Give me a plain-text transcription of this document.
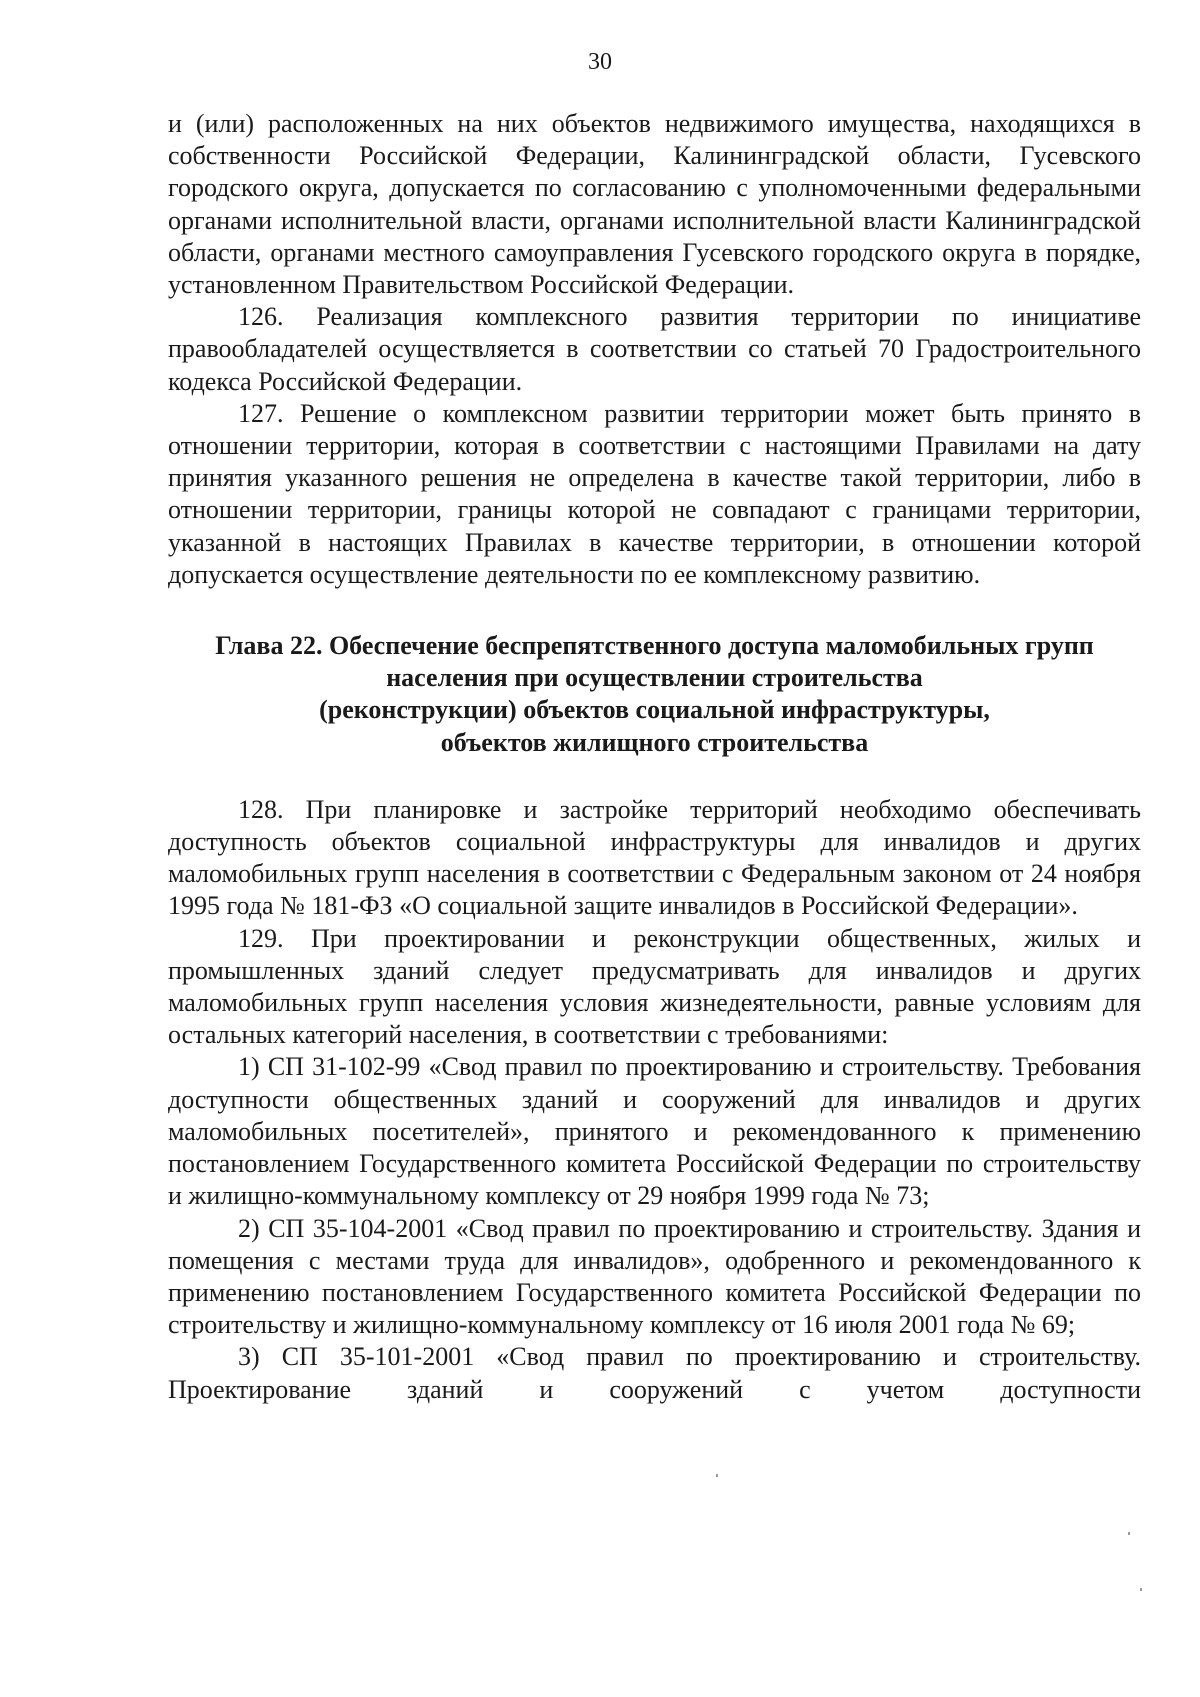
30

и (или) расположенных на них объектов недвижимого имущества, находящихся в собственности Российской Федерации, Калининградской области, Гусевского городского округа, допускается по согласованию с уполномоченными федеральными органами исполнительной власти, органами исполнительной власти Калининградской области, органами местного самоуправления Гусевского городского округа в порядке, установленном Правительством Российской Федерации.

126. Реализация комплексного развития территории по инициативе правообладателей осуществляется в соответствии со статьей 70 Градостроительного кодекса Российской Федерации.

127. Решение о комплексном развитии территории может быть принято в отношении территории, которая в соответствии с настоящими Правилами на дату принятия указанного решения не определена в качестве такой территории, либо в отношении территории, границы которой не совпадают с границами территории, указанной в настоящих Правилах в качестве территории, в отношении которой допускается осуществление деятельности по ее комплексному развитию.

Глава 22. Обеспечение беспрепятственного доступа маломобильных групп
населения при осуществлении строительства
(реконструкции) объектов социальной инфраструктуры,
объектов жилищного строительства

128. При планировке и застройке территорий необходимо обеспечивать доступность объектов социальной инфраструктуры для инвалидов и других маломобильных групп населения в соответствии с Федеральным законом от 24 ноября 1995 года № 181-ФЗ «О социальной защите инвалидов в Российской Федерации».

129. При проектировании и реконструкции общественных, жилых и промышленных зданий следует предусматривать для инвалидов и других маломобильных групп населения условия жизнедеятельности, равные условиям для остальных категорий населения, в соответствии с требованиями:

1) СП 31-102-99 «Свод правил по проектированию и строительству. Требования доступности общественных зданий и сооружений для инвалидов и других маломобильных посетителей», принятого и рекомендованного к применению постановлением Государственного комитета Российской Федерации по строительству и жилищно-коммунальному комплексу от 29 ноября 1999 года № 73;

2) СП 35-104-2001 «Свод правил по проектированию и строительству. Здания и помещения с местами труда для инвалидов», одобренного и рекомендованного к применению постановлением Государственного комитета Российской Федерации по строительству и жилищно-коммунальному комплексу от 16 июля 2001 года № 69;

3) СП 35-101-2001 «Свод правил по проектированию и строительству. Проектирование зданий и сооружений с учетом доступности
